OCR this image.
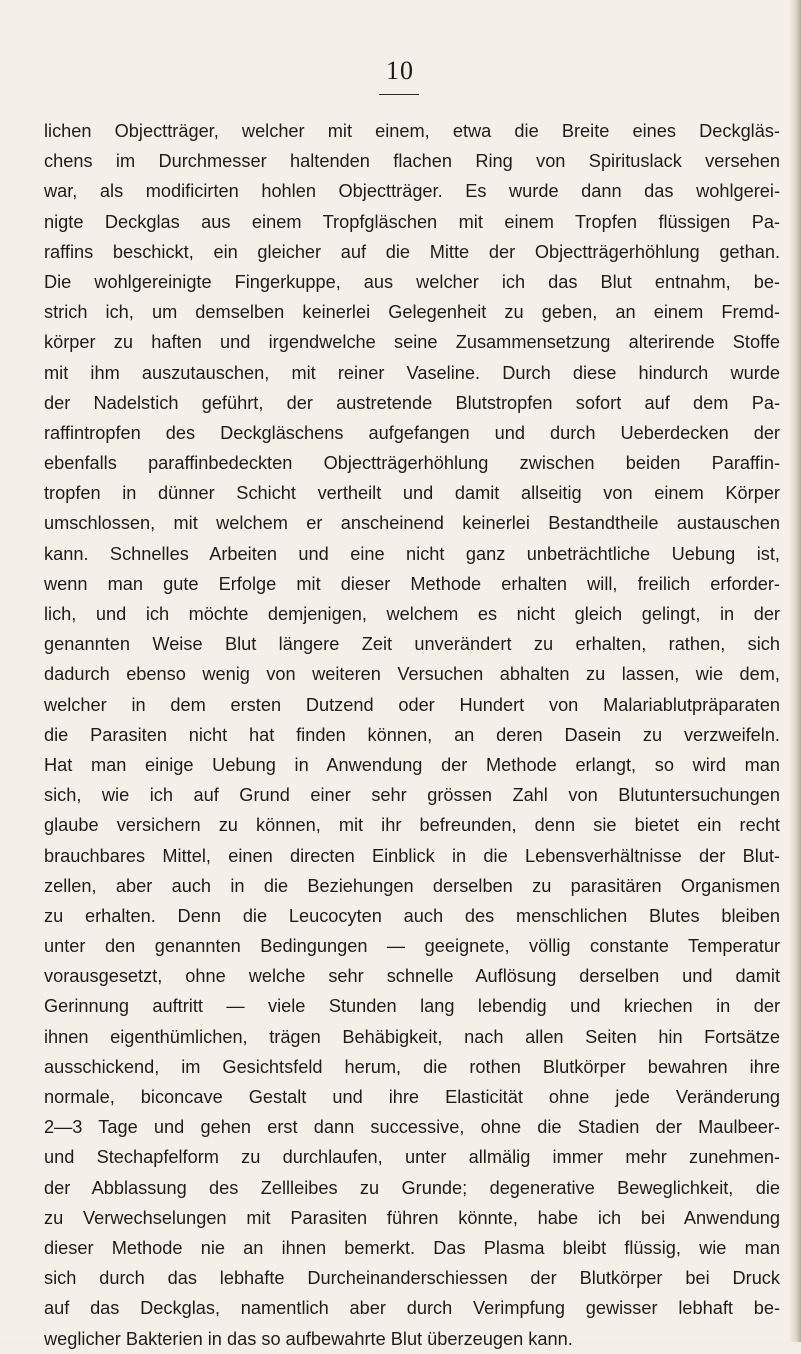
10
lichen Objectträger, welcher mit einem, etwa die Breite eines Deckgläs-
chens im Durchmesser haltenden flachen Ring von Spirituslack versehen
war, als modificirten hohlen Objectträger. Es wurde dann das wohlgerei-
nigte Deckglas aus einem Tropfgläschen mit einem Tropfen flüssigen Pa-
raffins beschickt, ein gleicher auf die Mitte der Objectträgerhöhlung gethan.
Die wohlgereinigte Fingerkuppe, aus welcher ich das Blut entnahm, be-
strich ich, um demselben keinerlei Gelegenheit zu geben, an einem Fremd-
körper zu haften und irgendwelche seine Zusammensetzung alterirende Stoffe
mit ihm auszutauschen, mit reiner Vaseline. Durch diese hindurch wurde
der Nadelstich geführt, der austretende Blutstropfen sofort auf dem Pa-
raffintropfen des Deckgläschens aufgefangen und durch Ueberdecken der
ebenfalls paraffinbedeckten Objectträgerhöhlung zwischen beiden Paraffin-
tropfen in dünner Schicht vertheilt und damit allseitig von einem Körper
umschlossen, mit welchem er anscheinend keinerlei Bestandtheile austauschen
kann. Schnelles Arbeiten und eine nicht ganz unbeträchtliche Uebung ist,
wenn man gute Erfolge mit dieser Methode erhalten will, freilich erforder-
lich, und ich möchte demjenigen, welchem es nicht gleich gelingt, in der
genannten Weise Blut längere Zeit unverändert zu erhalten, rathen, sich
dadurch ebenso wenig von weiteren Versuchen abhalten zu lassen, wie dem,
welcher in dem ersten Dutzend oder Hundert von Malariablutpräparaten
die Parasiten nicht hat finden können, an deren Dasein zu verzweifeln.
Hat man einige Uebung in Anwendung der Methode erlangt, so wird man
sich, wie ich auf Grund einer sehr grössen Zahl von Blutuntersuchungen
glaube versichern zu können, mit ihr befreunden, denn sie bietet ein recht
brauchbares Mittel, einen directen Einblick in die Lebensverhältnisse der Blut-
zellen, aber auch in die Beziehungen derselben zu parasitären Organismen
zu erhalten. Denn die Leucocyten auch des menschlichen Blutes bleiben
unter den genannten Bedingungen — geeignete, völlig constante Temperatur
vorausgesetzt, ohne welche sehr schnelle Auflösung derselben und damit
Gerinnung auftritt — viele Stunden lang lebendig und kriechen in der
ihnen eigenthümlichen, trägen Behäbigkeit, nach allen Seiten hin Fortsätze
ausschickend, im Gesichtsfeld herum, die rothen Blutkörper bewahren ihre
normale, biconcave Gestalt und ihre Elasticität ohne jede Veränderung
2—3 Tage und gehen erst dann successive, ohne die Stadien der Maulbeer-
und Stechapfelform zu durchlaufen, unter allmälig immer mehr zunehmen-
der Abblassung des Zellleibes zu Grunde; degenerative Beweglichkeit, die
zu Verwechselungen mit Parasiten führen könnte, habe ich bei Anwendung
dieser Methode nie an ihnen bemerkt. Das Plasma bleibt flüssig, wie man
sich durch das lebhafte Durcheinanderschiessen der Blutkörper bei Druck
auf das Deckglas, namentlich aber durch Verimpfung gewisser lebhaft be-
weglicher Bakterien in das so aufbewahrte Blut überzeugen kann.
